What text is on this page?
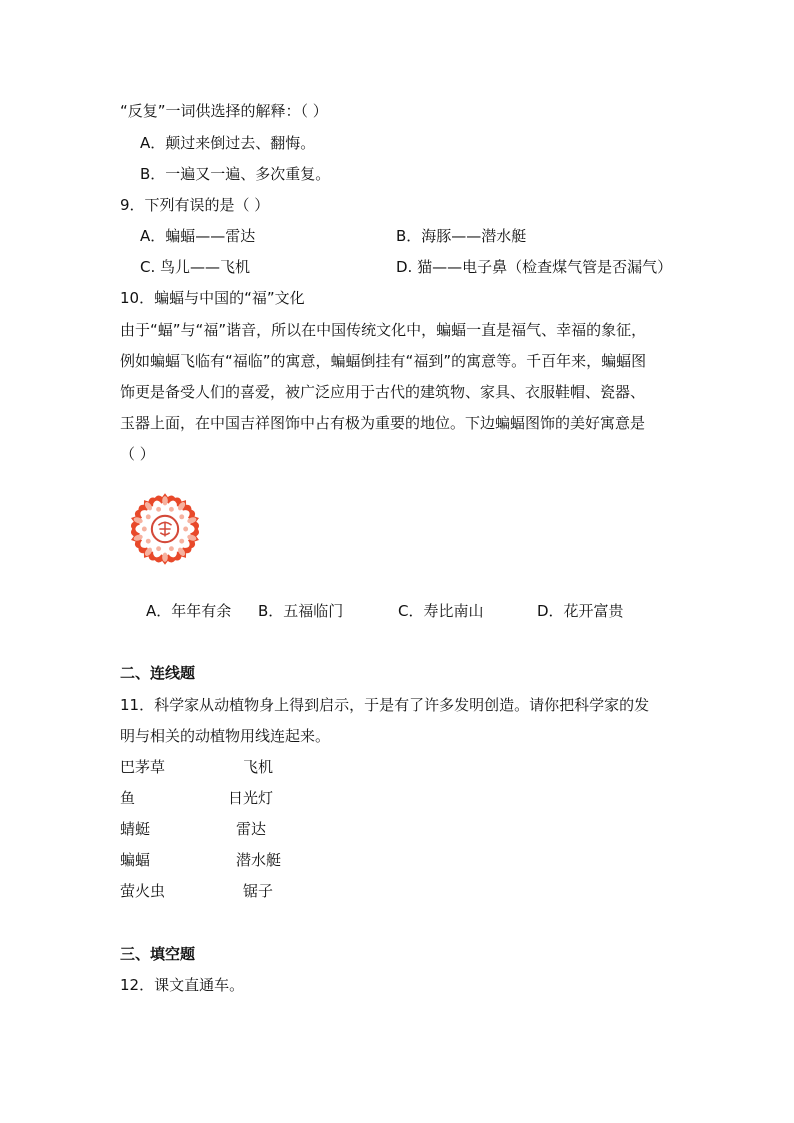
“反复”一词供选择的解释：（ ）
A．颠过来倒过去、翻悔。
B．一遍又一遍、多次重复。
9．下列有误的是（ ）
A．蝙蝠——雷达	B．海豚——潜水艇
C. 鸟儿——飞机	D. 猫——电子鼻（检查煤气管是否漏气）
10．蝙蝠与中国的“福”文化
由于“蝠”与“福”谐音，所以在中国传统文化中，蝙蝠一直是福气、幸福的象征，
例如蝙蝠飞临有“福临”的寓意，蝙蝠倒挂有“福到”的寓意等。千百年来，蝙蝠图
饰更是备受人们的喜爱，被广泛应用于古代的建筑物、家具、衣服鞋帽、瓷器、
玉器上面，在中国吉祥图饰中占有极为重要的地位。下边蝙蝠图饰的美好寓意是
（ ）
A．年年有余 B．五福临门	C．寿比南山	D．花开富贵
二、连线题
11．科学家从动植物身上得到启示，于是有了许多发明创造。请你把科学家的发
明与相关的动植物用线连起来。
巴茅草	飞机
鱼	日光灯
蜻蜓	雷达
蝙蝠	潜水艇
萤火虫	锯子
三、填空题
12．课文直通车。
